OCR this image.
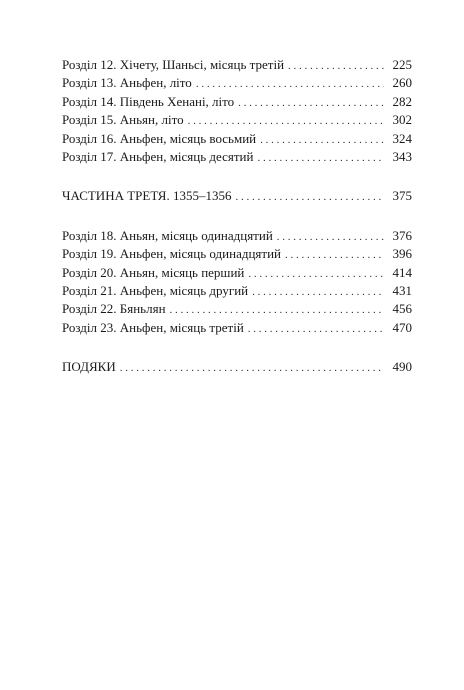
Розділ 12. Хічету, Шаньсі, місяць третій . . .	225
Розділ 13. Аньфен, літо . . .	260
Розділ 14. Південь Хенані, літо . . .	282
Розділ 15. Аньян, літо . . .	302
Розділ 16. Аньфен, місяць восьмий . . .	324
Розділ 17. Аньфен, місяць десятий . . .	343
ЧАСТИНА ТРЕТЯ. 1355–1356 . . .	375
Розділ 18. Аньян, місяць одинадцятий . . .	376
Розділ 19. Аньфен, місяць одинадцятий . . .	396
Розділ 20. Аньян, місяць перший . . .	414
Розділ 21. Аньфен, місяць другий . . .	431
Розділ 22. Бяньлян . . .	456
Розділ 23. Аньфен, місяць третій . . .	470
ПОДЯКИ . . .	490
